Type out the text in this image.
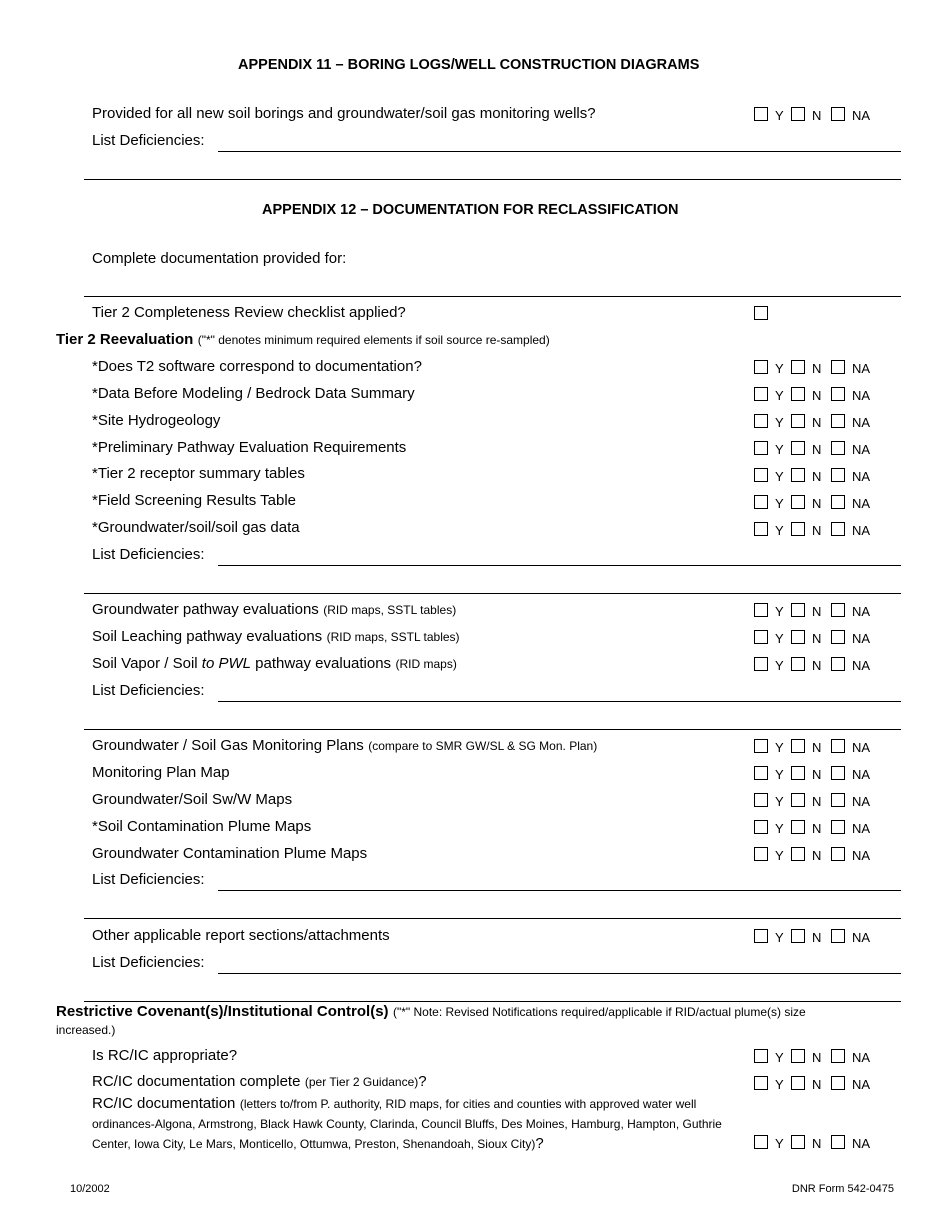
APPENDIX 11 – BORING LOGS/WELL CONSTRUCTION DIAGRAMS
Provided for all new soil borings and groundwater/soil gas monitoring wells?	Y N NA
List Deficiencies:
APPENDIX 12 – DOCUMENTATION FOR RECLASSIFICATION
Complete documentation provided for:
Tier 2 Completeness Review checklist applied?
Tier 2 Reevaluation ("*" denotes minimum required elements if soil source re-sampled)
*Does T2 software correspond to documentation?	Y N NA
*Data Before Modeling / Bedrock Data Summary	Y N NA
*Site Hydrogeology	Y N NA
*Preliminary Pathway Evaluation Requirements	Y N NA
*Tier 2 receptor summary tables	Y N NA
*Field Screening Results Table	Y N NA
*Groundwater/soil/soil gas data	Y N NA
List Deficiencies:
Groundwater pathway evaluations (RID maps, SSTL tables)	Y N NA
Soil Leaching pathway evaluations (RID maps, SSTL tables)	Y N NA
Soil Vapor / Soil to PWL pathway evaluations (RID maps)	Y N NA
List Deficiencies:
Groundwater / Soil Gas Monitoring Plans (compare to SMR GW/SL & SG Mon. Plan)	Y N NA
Monitoring Plan Map	Y N NA
Groundwater/Soil Sw/W Maps	Y N NA
*Soil Contamination Plume Maps	Y N NA
Groundwater Contamination Plume Maps	Y N NA
List Deficiencies:
Other applicable report sections/attachments	Y N NA
List Deficiencies:
Restrictive Covenant(s)/Institutional Control(s) ("*" Note: Revised Notifications required/applicable if RID/actual plume(s) size increased.)
Is RC/IC appropriate?	Y N NA
RC/IC documentation complete (per Tier 2 Guidance)?	Y N NA
RC/IC documentation (letters to/from P. authority, RID maps, for cities and counties with approved water well ordinances-Algona, Armstrong, Black Hawk County, Clarinda, Council Bluffs, Des Moines, Hamburg, Hampton, Guthrie Center, Iowa City, Le Mars, Monticello, Ottumwa, Preston, Shenandoah, Sioux City)?	Y N NA
10/2002	DNR Form 542-0475
